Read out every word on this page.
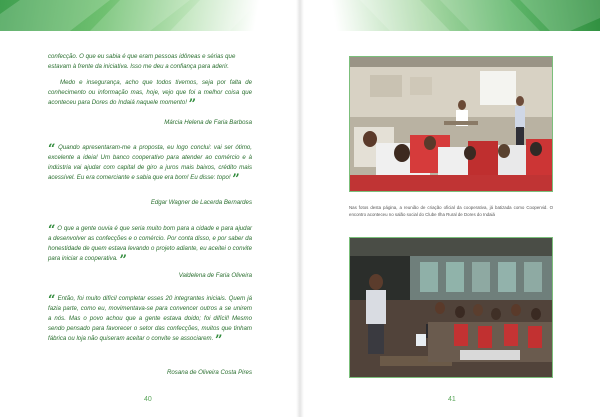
confecção. O que eu sabia é que eram pessoas idôneas e sérias que

estavam à frente da iniciativa. Isso me deu a confiança para aderir.

Medo e insegurança, acho que todos tivemos, seja por falta de conhecimento ou informação mas, hoje, vejo que foi a melhor coisa que aconteceu para Dores do Indaiá naquele momento! ”

Márcia Helena de Faria Barbosa

“ Quando apresentaram-me a proposta, eu logo conclui: vai ser ótimo, excelente a ideia! Um banco cooperativo para atender ao comércio e à indústria vai ajudar com capital de giro a juros mais baixos, crédito mais acessível. Eu era comerciante e sabia que era bom! Eu disse: topo! ”

Edgar Wagner de Lacerda Bernardes

“ O que a gente ouvia é que seria muito bom para a cidade e para ajudar a desenvolver as confecções e o comércio. Por conta disso, e por saber da honestidade de quem estava levando o projeto adiante, eu aceitei o convite para iniciar a cooperativa. ”

Valdelena de Faria Oliveira

“ Então, foi muito difícil completar esses 20 integrantes iniciais. Quem já fazia parte, como eu, movimentava-se para convencer outros a se unirem a nós. Mas o povo achou que a gente estava doido; foi difícil! Mesmo sendo pensado para favorecer o setor das confecções, muitos que tinham fábrica ou loja não quiseram aceitar o convite se associarem. ”

Rosana de Oliveira Costa Pires
40	41
Nas fotos desta página, a reunião de criação oficial da cooperativa, já batizada como Coopervid. O encontro aconteceu no salão social do Clube Ilha Rural de Dores do Indaiá
